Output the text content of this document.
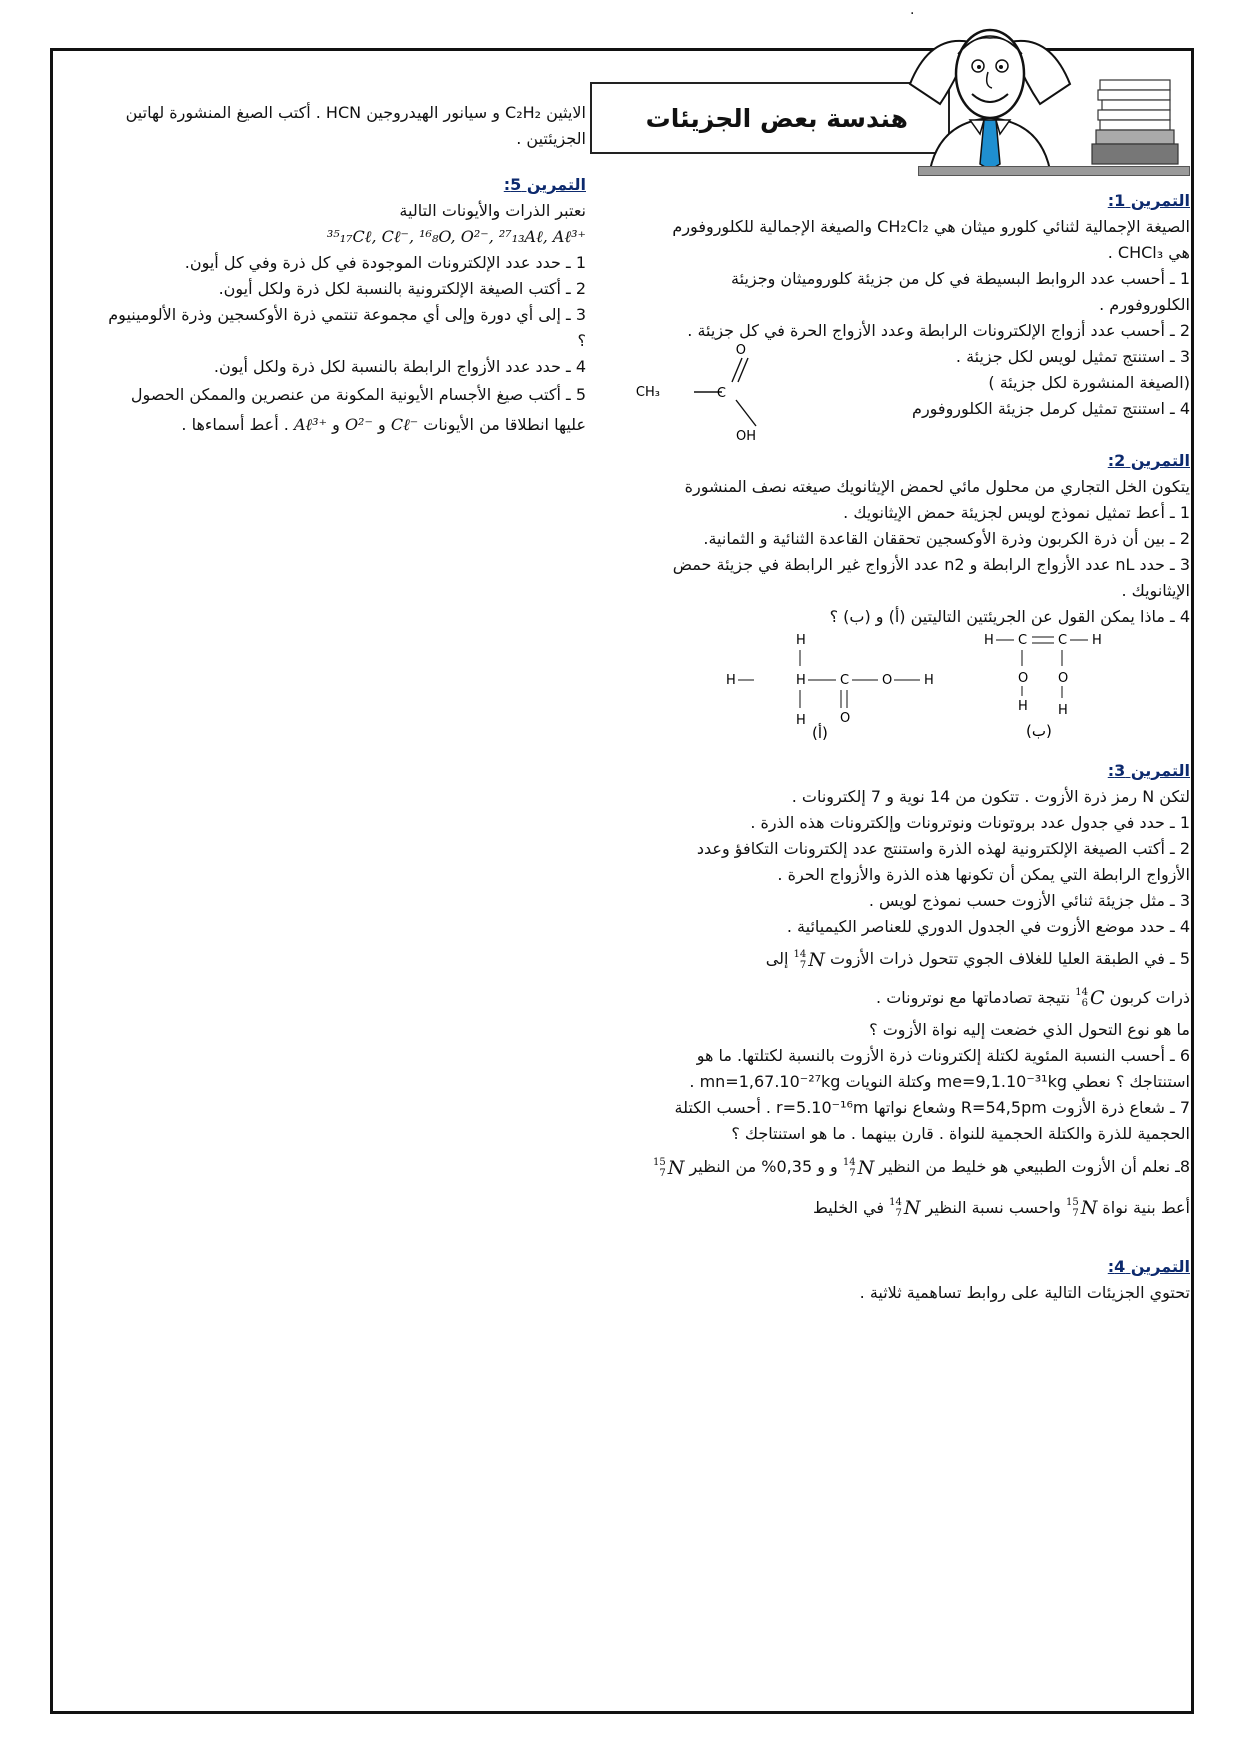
.
هندسة بعض الجزيئات
التمرين 1:
الصيغة الإجمالية لثنائي كلورو ميثان هي CH₂Cl₂ والصيغة الإجمالية للكلوروفورم هي CHCl₃ .
1 ـ أحسب عدد الروابط البسيطة في كل من جزيئة كلوروميثان وجزيئة الكلوروفورم .
2 ـ أحسب عدد أزواج الإلكترونات الرابطة وعدد الأزواج الحرة في كل جزيئة .
3 ـ استنتج تمثيل لويس لكل جزيئة .
(الصيغة المنشورة لكل جزيئة )
4 ـ استنتج تمثيل كرمل جزيئة الكلوروفورم
CH₃	C
O
OH
التمرين 2:
يتكون الخل التجاري من محلول مائي لحمض الإيثانويك صيغته نصف المنشورة
1 ـ أعط تمثيل نموذج لويس لجزيئة حمض الإيثانويك .
2 ـ بين أن ذرة الكربون وذرة الأوكسجين تحققان القاعدة الثنائية و الثمانية.
3 ـ حدد nL عدد الأزواج الرابطة و n2 عدد الأزواج غير الرابطة في جزيئة حمض الإيثانويك .
4 ـ ماذا يمكن القول عن الجريئتين التاليتين (أ) و (ب) ؟
H
H	H	C	O H
H	O
(أ)
H C C H
O
H
O
H
(ب)
التمرين 3:
لتكن N رمز ذرة الأزوت . تتكون من 14 نوية و 7 إلكترونات .
1 ـ حدد في جدول عدد بروتونات ونوترونات وإلكترونات هذه الذرة .
2 ـ أكتب الصيغة الإلكترونية لهذه الذرة واستنتج عدد إلكترونات التكافؤ وعدد الأزواج الرابطة التي يمكن أن تكونها هذه الذرة والأزواج الحرة .
3 ـ مثل جزيئة ثنائي الأزوت حسب نموذج لويس .
4 ـ حدد موضع الأزوت في الجدول الدوري للعناصر الكيميائية .
5 ـ في الطبقة العليا للغلاف الجوي تتحول ذرات الأزوت
14
7 N
إلى
ذرات كربون
14
6 C
نتيجة تصادماتها مع نوترونات .
ما هو نوع التحول الذي خضعت إليه نواة الأزوت ؟
6 ـ أحسب النسبة المئوية لكتلة إلكترونات ذرة الأزوت بالنسبة لكتلتها. ما هو استنتاجك ؟ نعطي me=9,1.10⁻³¹kg وكتلة النويات mn=1,67.10⁻²⁷kg .
7 ـ شعاع ذرة الأزوت R=54,5pm وشعاع نواتها r=5.10⁻¹⁶m . أحسب الكتلة الحجمية للذرة والكتلة الحجمية للنواة . قارن بينهما . ما هو استنتاجك ؟
8ـ نعلم أن الأزوت الطبيعي هو خليط من النظير
14
7 N
و و 0,35% من النظير
15
7 N
أعط بنية نواة
15
7 N
واحسب نسبة النظير
14
7 N
في الخليط
التمرين 4:
تحتوي الجزيئات التالية على روابط تساهمية ثلاثية .
الايثين C₂H₂ و سيانور الهيدروجين HCN . أكتب الصيغ المنشورة لهاتين الجزيئتين .
التمرين 5:
نعتبر الذرات والأيونات التالية
³⁵₁₇Cℓ, Cℓ⁻, ¹⁶₈O, O²⁻, ²⁷₁₃Aℓ, Aℓ³⁺
1 ـ حدد عدد الإلكترونات الموجودة في كل ذرة وفي كل أيون.
2 ـ أكتب الصيغة الإلكترونية بالنسبة لكل ذرة ولكل أيون.
3 ـ إلى أي دورة وإلى أي مجموعة تنتمي ذرة الأوكسجين وذرة الألومينيوم ؟
4 ـ حدد عدد الأزواج الرابطة بالنسبة لكل ذرة ولكل أيون.
5 ـ أكتب صيغ الأجسام الأيونية المكونة من عنصرين والممكن الحصول عليها انطلاقا من الأيونات Cℓ⁻ و O²⁻ و Aℓ³⁺ . أعط أسماءها .
